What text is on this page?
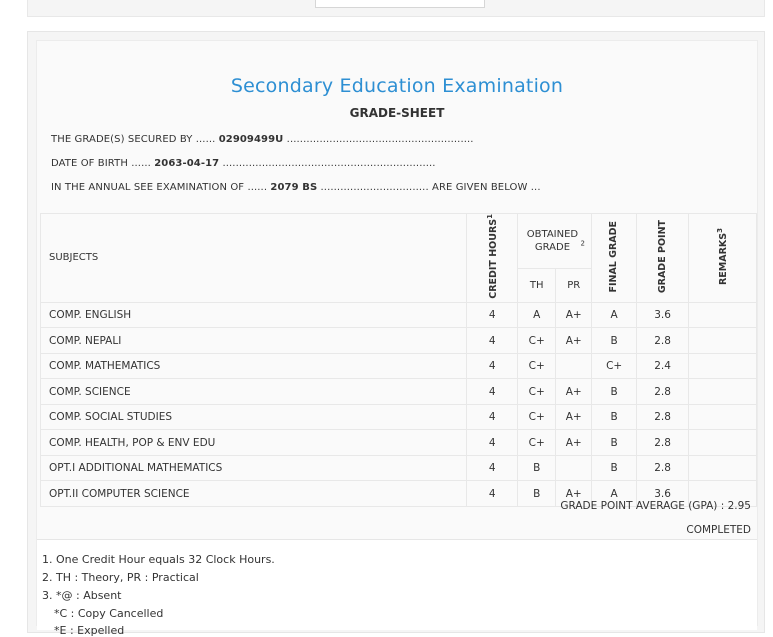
Secondary Education Examination
GRADE-SHEET
THE GRADE(S) SECURED BY ...... 02909499U .........................................................
DATE OF BIRTH ...... 2063-04-17 .................................................................
IN THE ANNUAL SEE EXAMINATION OF ...... 2079 BS ................................. ARE GIVEN BELOW ...
SUBJECTS	CREDIT HOURS$^1$	OBTAINED GRADE $^2$		FINAL GRADE	GRADE POINT	REMARKS$^3$
		TH	PR			
COMP. ENGLISH	4	A	A+	A	3.6	
COMP. NEPALI	4	C+	A+	B	2.8	
COMP. MATHEMATICS	4	C+		C+	2.4	
COMP. SCIENCE	4	C+	A+	B	2.8	
COMP. SOCIAL STUDIES	4	C+	A+	B	2.8	
COMP. HEALTH, POP & ENV EDU	4	C+	A+	B	2.8	
OPT.I ADDITIONAL MATHEMATICS	4	B		B	2.8	
OPT.II COMPUTER SCIENCE	4	B	A+	A	3.6	
GRADE POINT AVERAGE (GPA) : 2.95
COMPLETED
1. One Credit Hour equals 32 Clock Hours.
2. TH : Theory, PR : Practical
3. *@ : Absent
*C : Copy Cancelled
*E : Expelled
